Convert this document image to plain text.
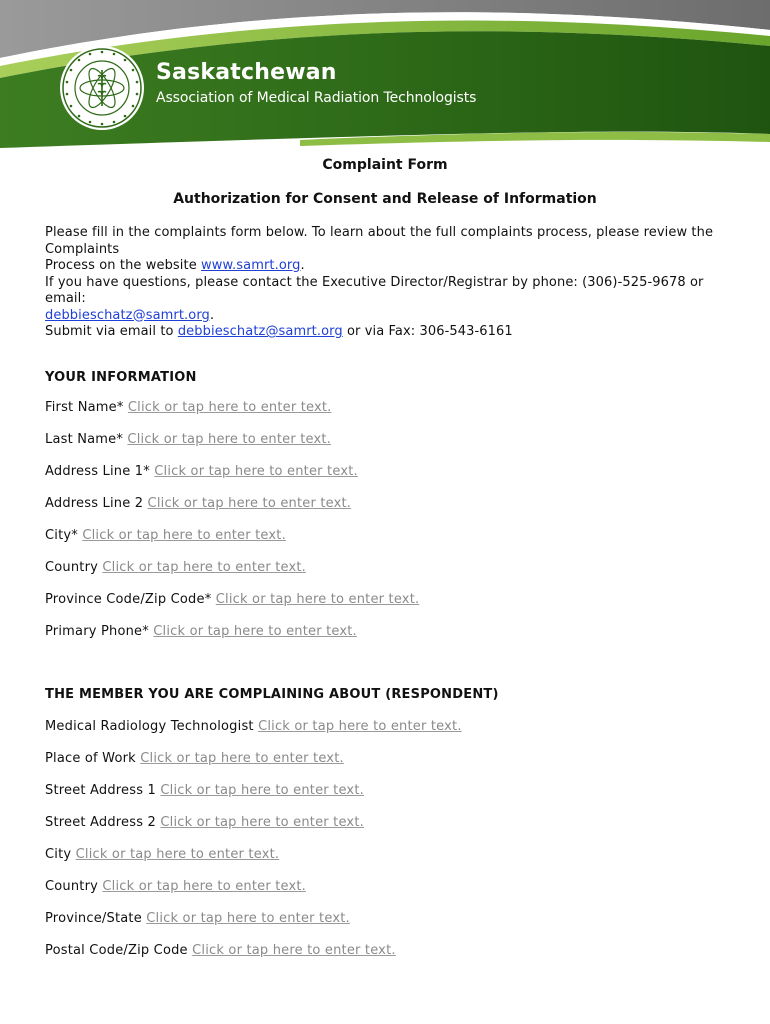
Saskatchewan
Association of Medical Radiation Technologists
Complaint Form
Authorization for Consent and Release of Information
Please fill in the complaints form below. To learn about the full complaints process, please review the Complaints
Process on the website www.samrt.org.
If you have questions, please contact the Executive Director/Registrar by phone: (306)-525-9678 or email:
debbieschatz@samrt.org.
Submit via email to debbieschatz@samrt.org or via Fax: 306-543-6161
YOUR INFORMATION
First Name* Click or tap here to enter text.
Last Name* Click or tap here to enter text.
Address Line 1* Click or tap here to enter text.
Address Line 2 Click or tap here to enter text.
City* Click or tap here to enter text.
Country Click or tap here to enter text.
Province Code/Zip Code* Click or tap here to enter text.
Primary Phone* Click or tap here to enter text.
THE MEMBER YOU ARE COMPLAINING ABOUT (RESPONDENT)
Medical Radiology Technologist Click or tap here to enter text.
Place of Work Click or tap here to enter text.
Street Address 1 Click or tap here to enter text.
Street Address 2 Click or tap here to enter text.
City Click or tap here to enter text.
Country Click or tap here to enter text.
Province/State Click or tap here to enter text.
Postal Code/Zip Code Click or tap here to enter text.
